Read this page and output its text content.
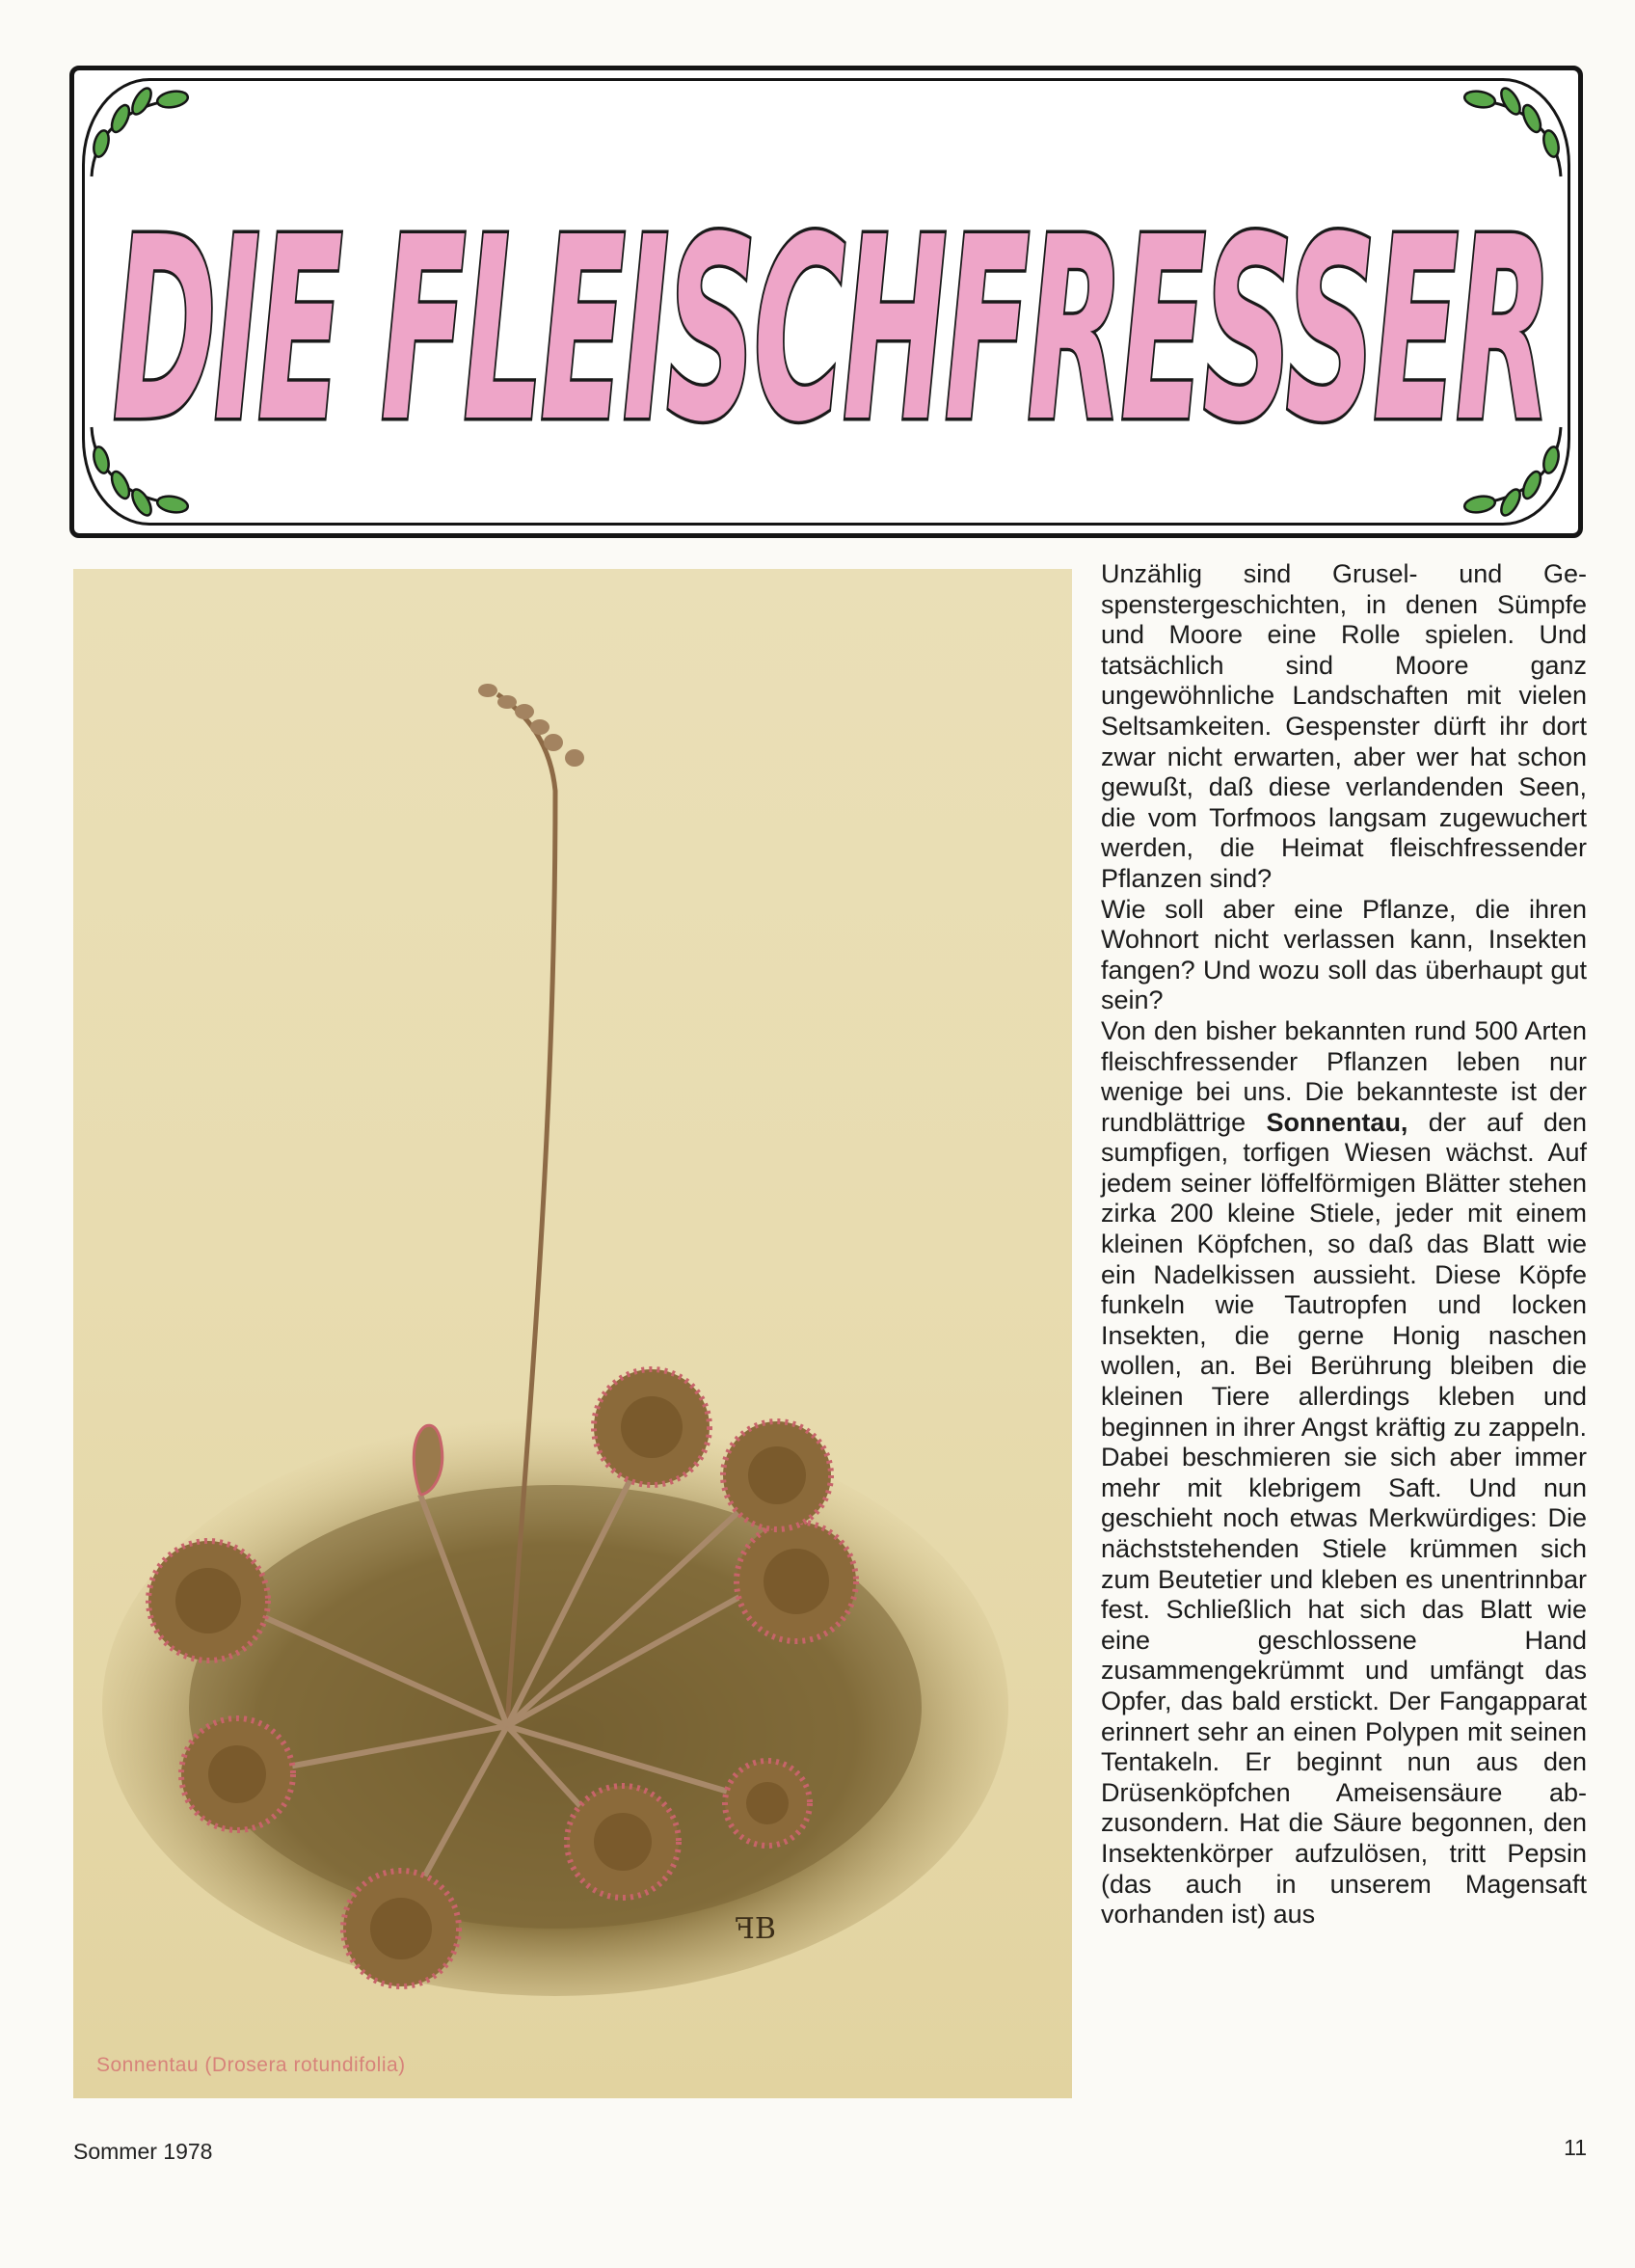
DIE FLEISCHFRESSER
ꟻB
Sonnentau (Drosera rotundifolia)

Unzählig sind Grusel- und Gespenstergeschichten, in denen Sümpfe und Moore eine Rolle spielen. Und tatsächlich sind Moore ganz ungewöhnliche Landschaften mit vielen Seltsamkeiten. Gespenster dürft ihr dort zwar nicht erwarten, aber wer hat schon gewußt, daß diese verlandenden Seen, die vom Torfmoos langsam zugewuchert werden, die Heimat fleischfressender Pflanzen sind?

Wie soll aber eine Pflanze, die ihren Wohnort nicht verlassen kann, Insekten fangen? Und wozu soll das überhaupt gut sein?

Von den bisher bekannten rund 500 Arten fleischfressender Pflanzen leben nur wenige bei uns. Die bekannteste ist der rundblättrige Sonnentau, der auf den sumpfigen, torfigen Wiesen wächst. Auf jedem seiner löffelförmigen Blätter stehen zirka 200 kleine Stiele, jeder mit einem kleinen Köpfchen, so daß das Blatt wie ein Nadelkissen aussieht. Diese Köpfe funkeln wie Tautropfen und locken Insekten, die gerne Honig naschen wollen, an. Bei Berührung bleiben die kleinen Tiere allerdings kleben und beginnen in ihrer Angst kräftig zu zappeln. Dabei beschmieren sie sich aber immer mehr mit klebrigem Saft. Und nun geschieht noch etwas Merkwürdiges: Die nächststehenden Stiele krümmen sich zum Beutetier und kleben es unentrinnbar fest. Schließlich hat sich das Blatt wie eine geschlossene Hand zusammengekrümmt und umfängt das Opfer, das bald erstickt. Der Fangapparat erinnert sehr an einen Polypen mit seinen Tentakeln. Er beginnt nun aus den Drüsenköpfchen Ameisensäure abzusondern. Hat die Säure begonnen, den Insektenkörper aufzulösen, tritt Pepsin (das auch in unserem Magensaft vorhanden ist) aus

Sommer 1978	11
